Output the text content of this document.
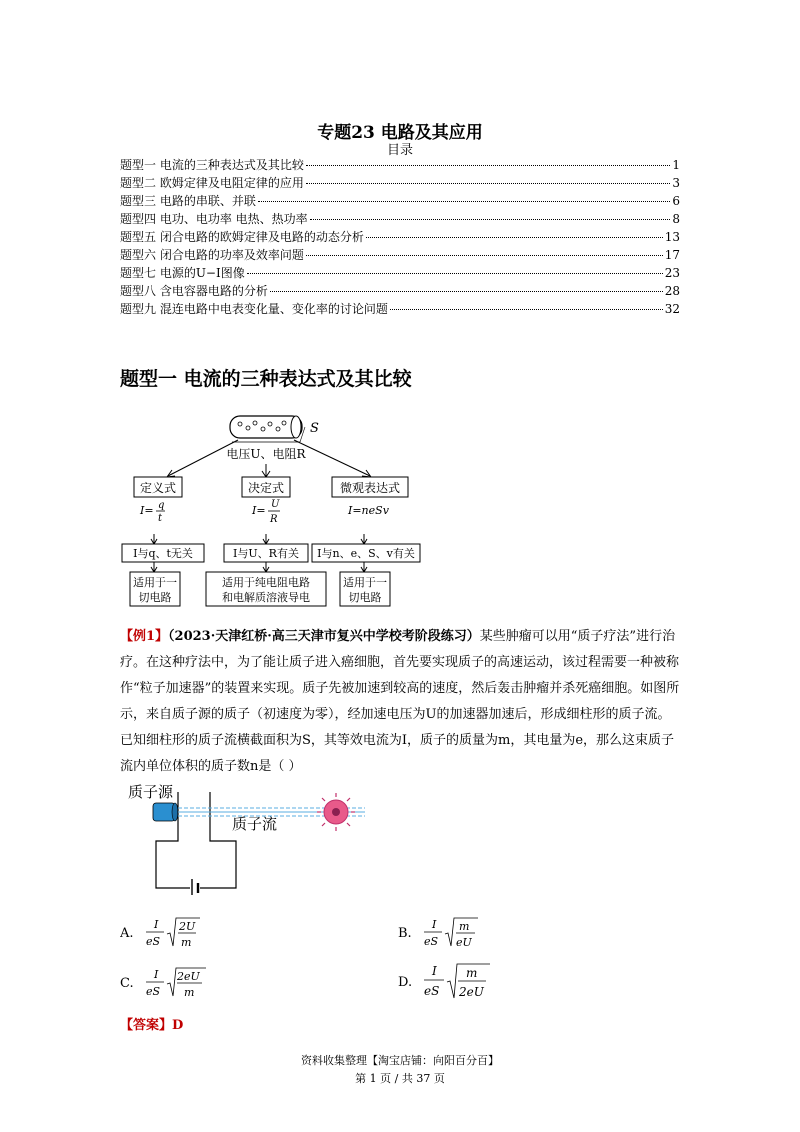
专题23 电路及其应用
目录
题型一 电流的三种表达式及其比较	1
题型二 欧姆定律及电阻定律的应用	3
题型三 电路的串联、并联	6
题型四 电功、电功率 电热、热功率	8
题型五 闭合电路的欧姆定律及电路的动态分析	13
题型六 闭合电路的功率及效率问题	17
题型七 电源的U−I图像	23
题型八 含电容器电路的分析	28
题型九 混连电路中电表变化量、变化率的讨论问题	32
题型一 电流的三种表达式及其比较
S
电压U、电阻R
定义式	决定式	微观表达式
I= q
t
I= U
R
I=neSv
I与q、t无关	I与U、R有关 I与n、e、S、v有关
适用于一
切电路
适用于纯电阻电路
和电解质溶液导电
适用于一
切电路
【例1】（2023·天津红桥·高三天津市复兴中学校考阶段练习）某些肿瘤可以用“质子疗法”进行治疗。在这种疗法中，为了能让质子进入癌细胞，首先要实现质子的高速运动，该过程需要一种被称作“粒子加速器”的装置来实现。质子先被加速到较高的速度，然后轰击肿瘤并杀死癌细胞。如图所示，来自质子源的质子（初速度为零），经加速电压为U的加速器加速后，形成细柱形的质子流。已知细柱形的质子流横截面积为S，其等效电流为I，质子的质量为m，其电量为e，那么这束质子流内单位体积的质子数n是（ ）
质子源
质子流
A.
I
eS
2U
m
B.
I
eS
m
eU
C.
I
eS
2eU
m
D.
I
eS
m
2eU
【答案】D
资料收集整理【淘宝店铺：向阳百分百】
第 1 页 / 共 37 页
